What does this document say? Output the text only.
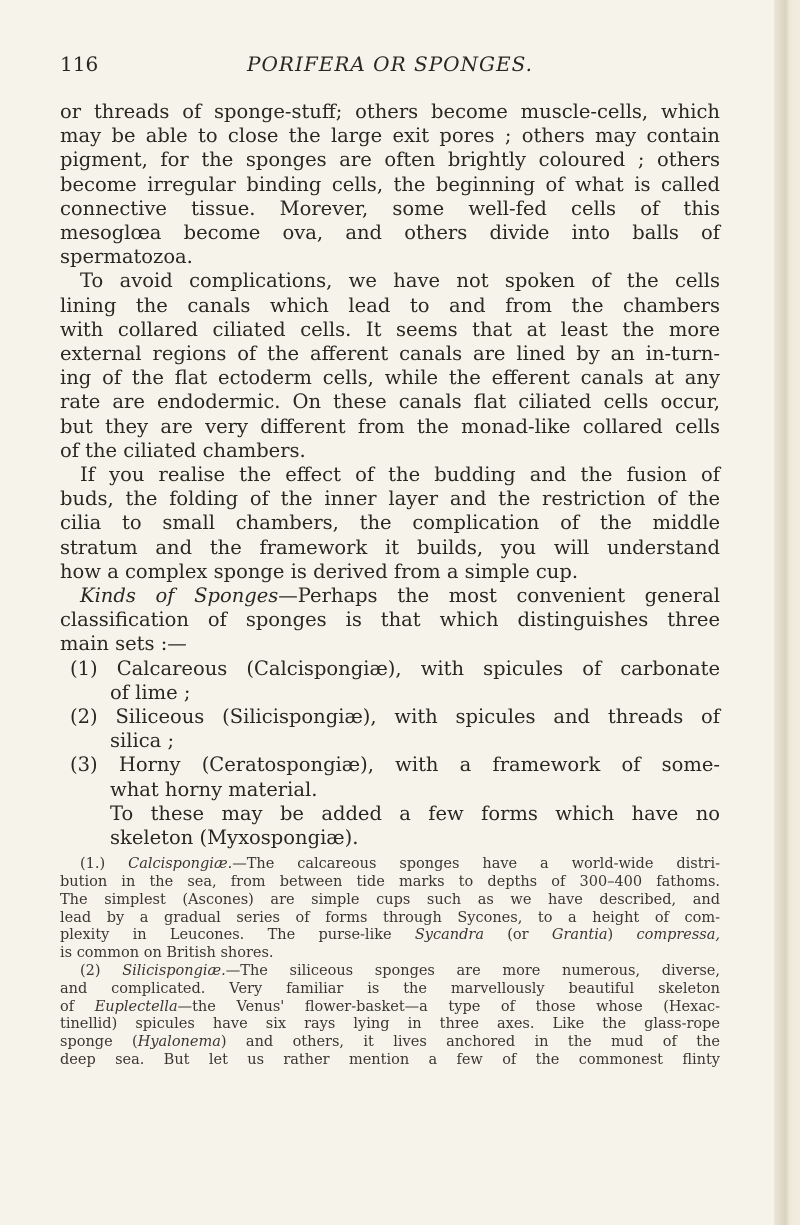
116	PORIFERA OR SPONGES.
or threads of sponge-stuff; others become muscle-cells, which
may be able to close the large exit pores ; others may contain
pigment, for the sponges are often brightly coloured ; others
become irregular binding cells, the beginning of what is called
connective tissue. Morever, some well-fed cells of this
mesoglœa become ova, and others divide into balls of
spermatozoa.
To avoid complications, we have not spoken of the cells
lining the canals which lead to and from the chambers
with collared ciliated cells. It seems that at least the more
external regions of the afferent canals are lined by an in-turn-
ing of the flat ectoderm cells, while the efferent canals at any
rate are endodermic. On these canals flat ciliated cells occur,
but they are very different from the monad-like collared cells
of the ciliated chambers.
If you realise the effect of the budding and the fusion of
buds, the folding of the inner layer and the restriction of the
cilia to small chambers, the complication of the middle
stratum and the framework it builds, you will understand
how a complex sponge is derived from a simple cup.
Kinds of Sponges—Perhaps the most convenient general
classification of sponges is that which distinguishes three
main sets :—
(1) Calcareous (Calcispongiæ), with spicules of carbonate
of lime ;
(2) Siliceous (Silicispongiæ), with spicules and threads of
silica ;
(3) Horny (Ceratospongiæ), with a framework of some-
what horny material.
To these may be added a few forms which have no
skeleton (Myxospongiæ).
(1.) Calcispongiæ.—The calcareous sponges have a world-wide distri-
bution in the sea, from between tide marks to depths of 300–400 fathoms.
The simplest (Ascones) are simple cups such as we have described, and
lead by a gradual series of forms through Sycones, to a height of com-
plexity in Leucones. The purse-like Sycandra (or Grantia) compressa,
is common on British shores.
(2) Silicispongiæ.—The siliceous sponges are more numerous, diverse,
and complicated. Very familiar is the marvellously beautiful skeleton
of Euplectella—the Venus' flower-basket—a type of those whose (Hexac-
tinellid) spicules have six rays lying in three axes. Like the glass-rope
sponge (Hyalonema) and others, it lives anchored in the mud of the
deep sea. But let us rather mention a few of the commonest flinty
